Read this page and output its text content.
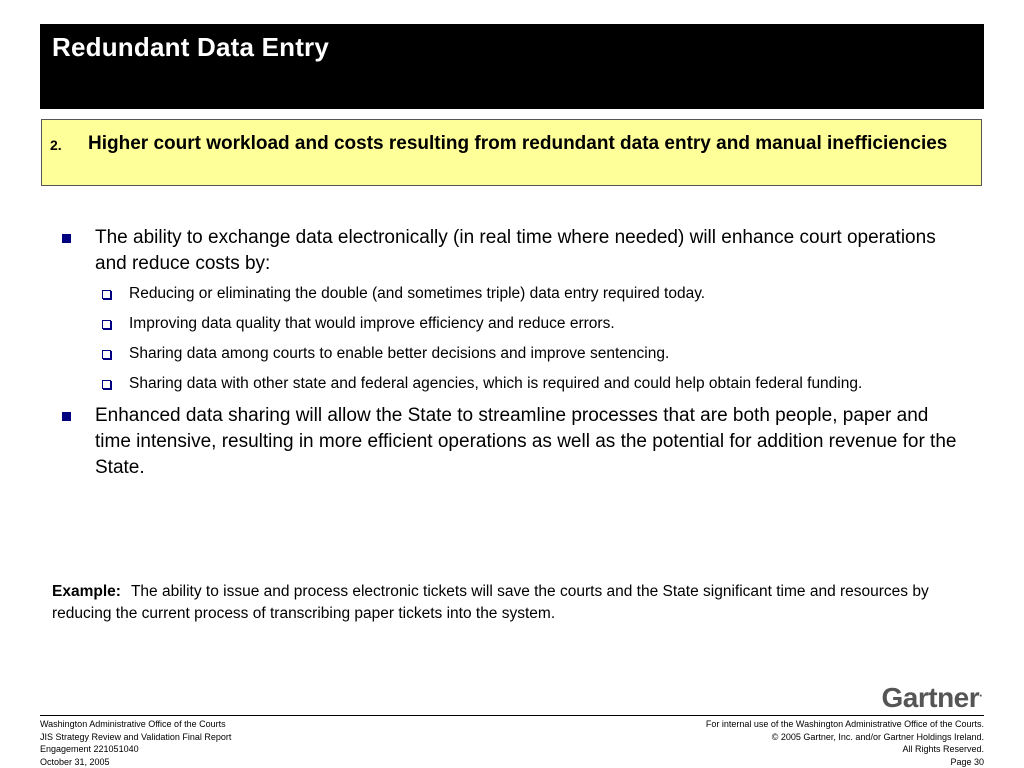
Redundant Data Entry
2. Higher court workload and costs resulting from redundant data entry and manual inefficiencies
The ability to exchange data electronically (in real time where needed) will enhance court operations and reduce costs by:
Reducing or eliminating the double (and sometimes triple) data entry required today.
Improving data quality that would improve efficiency and reduce errors.
Sharing data among courts to enable better decisions and improve sentencing.
Sharing data with other state and federal agencies, which is required and could help obtain federal funding.
Enhanced data sharing will allow the State to streamline processes that are both people, paper and time intensive, resulting in more efficient operations as well as the potential for addition revenue for the State.
Example: The ability to issue and process electronic tickets will save the courts and the State significant time and resources by reducing the current process of transcribing paper tickets into the system.
Gartner.
Washington Administrative Office of the Courts
JIS Strategy Review and Validation Final Report
Engagement 221051040
October 31, 2005
For internal use of the Washington Administrative Office of the Courts.
© 2005 Gartner, Inc. and/or Gartner Holdings Ireland.
All Rights Reserved.
Page 30
